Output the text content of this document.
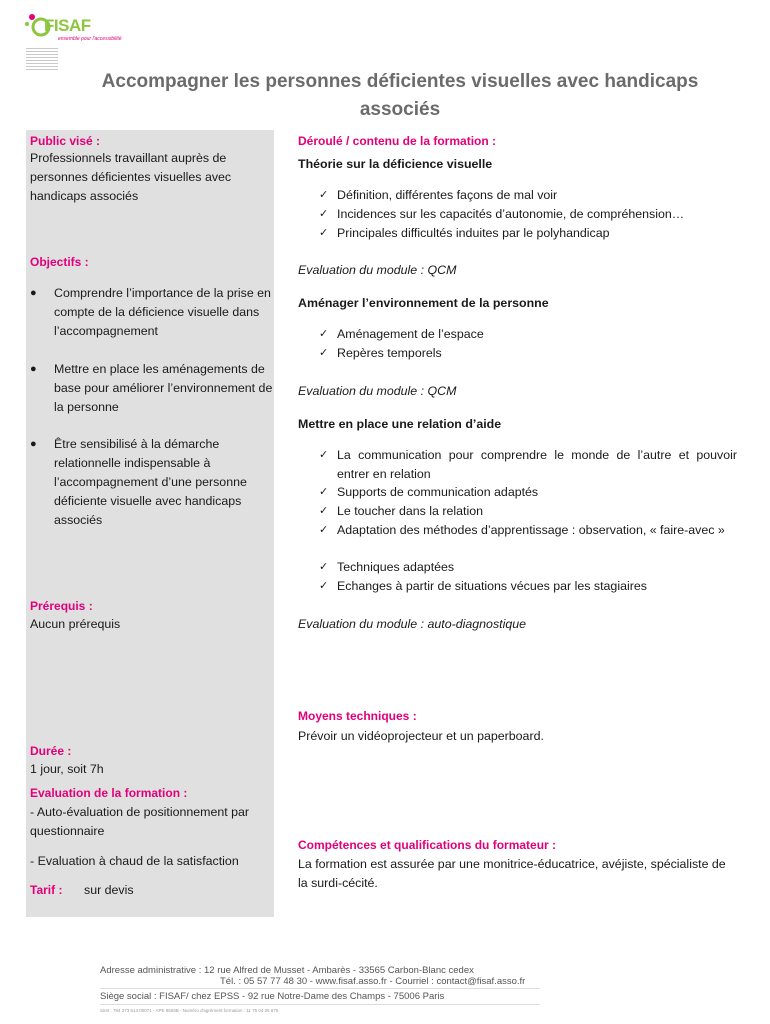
FISAF
ensemble pour l'accessibilité
Accompagner les personnes déficientes visuelles avec handicaps associés
Public visé :

Professionnels travaillant auprès de personnes déficientes visuelles avec handicaps associés

Objectifs :
●	Comprendre l’importance de la prise en compte de la déficience visuelle dans l’accompagnement
●	Mettre en place les aménagements de base pour améliorer l’environnement de la personne
●	Être sensibilisé à la démarche relationnelle indispensable à l’accompagnement d’une personne déficiente visuelle avec handicaps associés
Prérequis :

Aucun prérequis

Durée :

1 jour, soit 7h

Evaluation de la formation :

- Auto-évaluation de positionnement par questionnaire

- Evaluation à chaud de la satisfaction

Tarif : sur devis
Déroulé / contenu de la formation :
Théorie sur la déficience visuelle
✓ Définition, différentes façons de mal voir
✓ Incidences sur les capacités d’autonomie, de compréhension…
✓ Principales difficultés induites par le polyhandicap
Evaluation du module : QCM
Aménager l’environnement de la personne
✓ Aménagement de l’espace
✓ Repères temporels
Evaluation du module : QCM
Mettre en place une relation d’aide
✓ La communication pour comprendre le monde de l’autre et pouvoir entrer en relation
✓ Supports de communication adaptés
✓ Le toucher dans la relation
✓ Adaptation des méthodes d’apprentissage : observation, « faire-avec »
✓ Techniques adaptées
✓ Echanges à partir de situations vécues par les stagiaires
Evaluation du module : auto-diagnostique
Moyens techniques :

Prévoir un vidéoprojecteur et un paperboard.

Compétences et qualifications du formateur :

La formation est assurée par une monitrice-éducatrice, avéjiste, spécialiste de la surdi-cécité.

Adresse administrative : 12 rue Alfred de Musset - Ambarès - 33565 Carbon-Blanc cedex
Tél. : 05 57 77 48 30 - www.fisaf.asso.fr - Courriel : contact@fisaf.asso.fr
Siège social : FISAF/ chez EPSS - 92 rue Notre-Dame des Champs - 75006 Paris
Siret : 784 373 613 00071 - APE 8559B - Numéro d'agrément formation : 11 75 04 25 875
